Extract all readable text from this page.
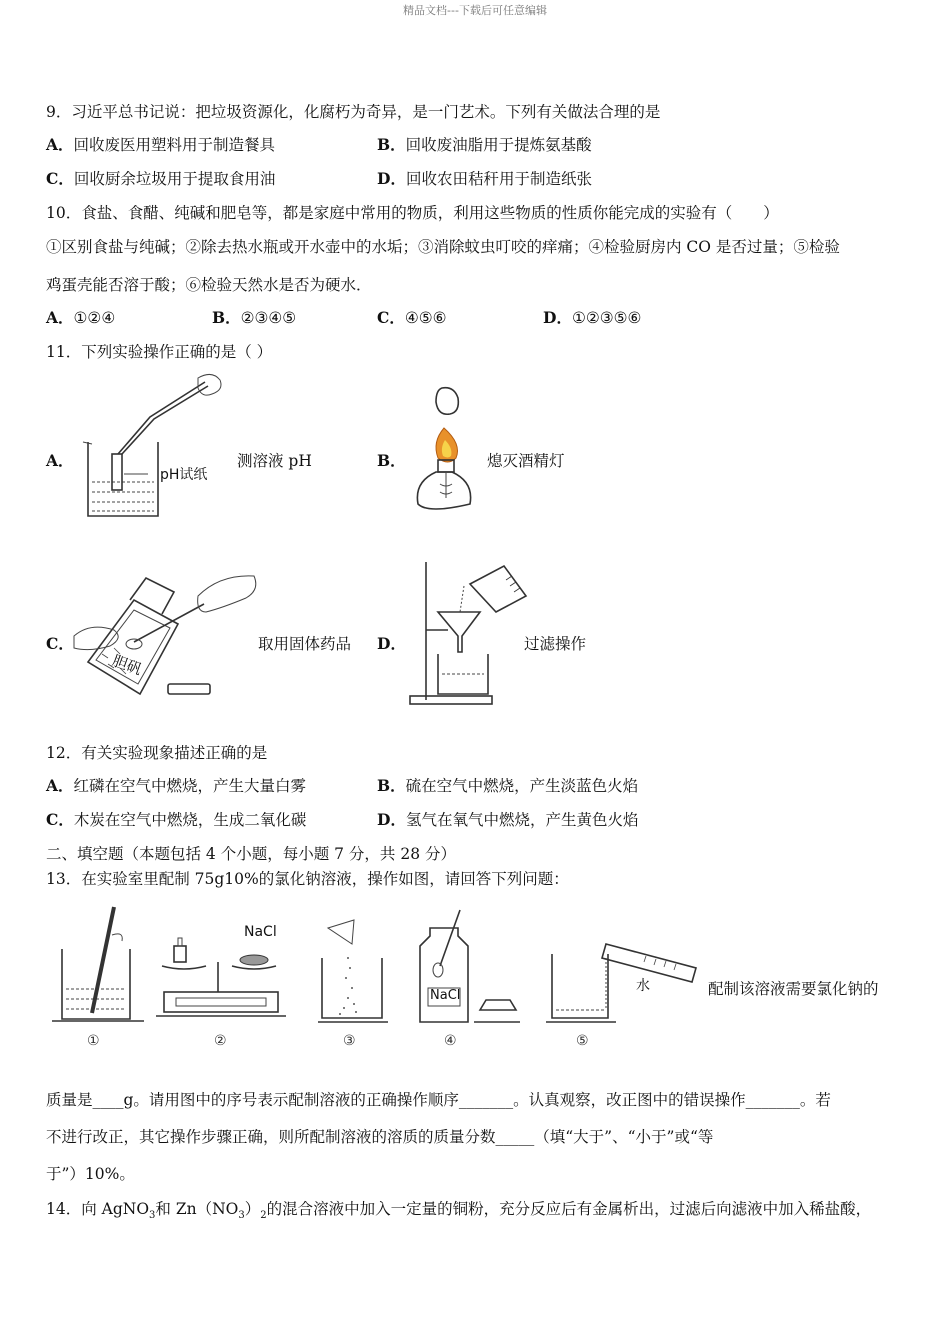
精品文档---下载后可任意编辑
9．习近平总书记说：把垃圾资源化，化腐朽为奇异，是一门艺术。下列有关做法合理的是
A．回收废医用塑料用于制造餐具	B．回收废油脂用于提炼氨基酸
C．回收厨余垃圾用于提取食用油	D．回收农田秸秆用于制造纸张
10．食盐、食醋、纯碱和肥皂等，都是家庭中常用的物质，利用这些物质的性质你能完成的实验有（　　）
①区别食盐与纯碱；②除去热水瓶或开水壶中的水垢；③消除蚊虫叮咬的痒痛；④检验厨房内 CO 是否过量；⑤检验
鸡蛋壳能否溶于酸；⑥检验天然水是否为硬水．
A．①②④	B．②③④⑤	C．④⑤⑥	D．①②③⑤⑥
11．下列实验操作正确的是（ ）
A．
pH试纸
测溶液 pH	B．	熄灭酒精灯
C．
胆矾
取用固体药品 D．	过滤操作
12．有关实验现象描述正确的是
A．红磷在空气中燃烧，产生大量白雾	B．硫在空气中燃烧，产生淡蓝色火焰
C．木炭在空气中燃烧，生成二氧化碳	D．氢气在氧气中燃烧，产生黄色火焰
二、填空题（本题包括 4 个小题，每小题 7 分，共 28 分）
13．在实验室里配制 75g10%的氯化钠溶液，操作如图，请回答下列问题：
①
NaCl
②	③
NaCl
④
水
⑤
配制该溶液需要氯化钠的
质量是____g。请用图中的序号表示配制溶液的正确操作顺序_______。认真观察，改正图中的错误操作_______。若
不进行改正，其它操作步骤正确，则所配制溶液的溶质的质量分数_____（填“大于”、“小于”或“等
于”）10%。
14．向 AgNO$_3$和 $Zn(NO_3)_2$的混合溶液中加入一定量的铜粉，充分反应后有金属析出，过滤后向滤液中加入稀盐酸，
